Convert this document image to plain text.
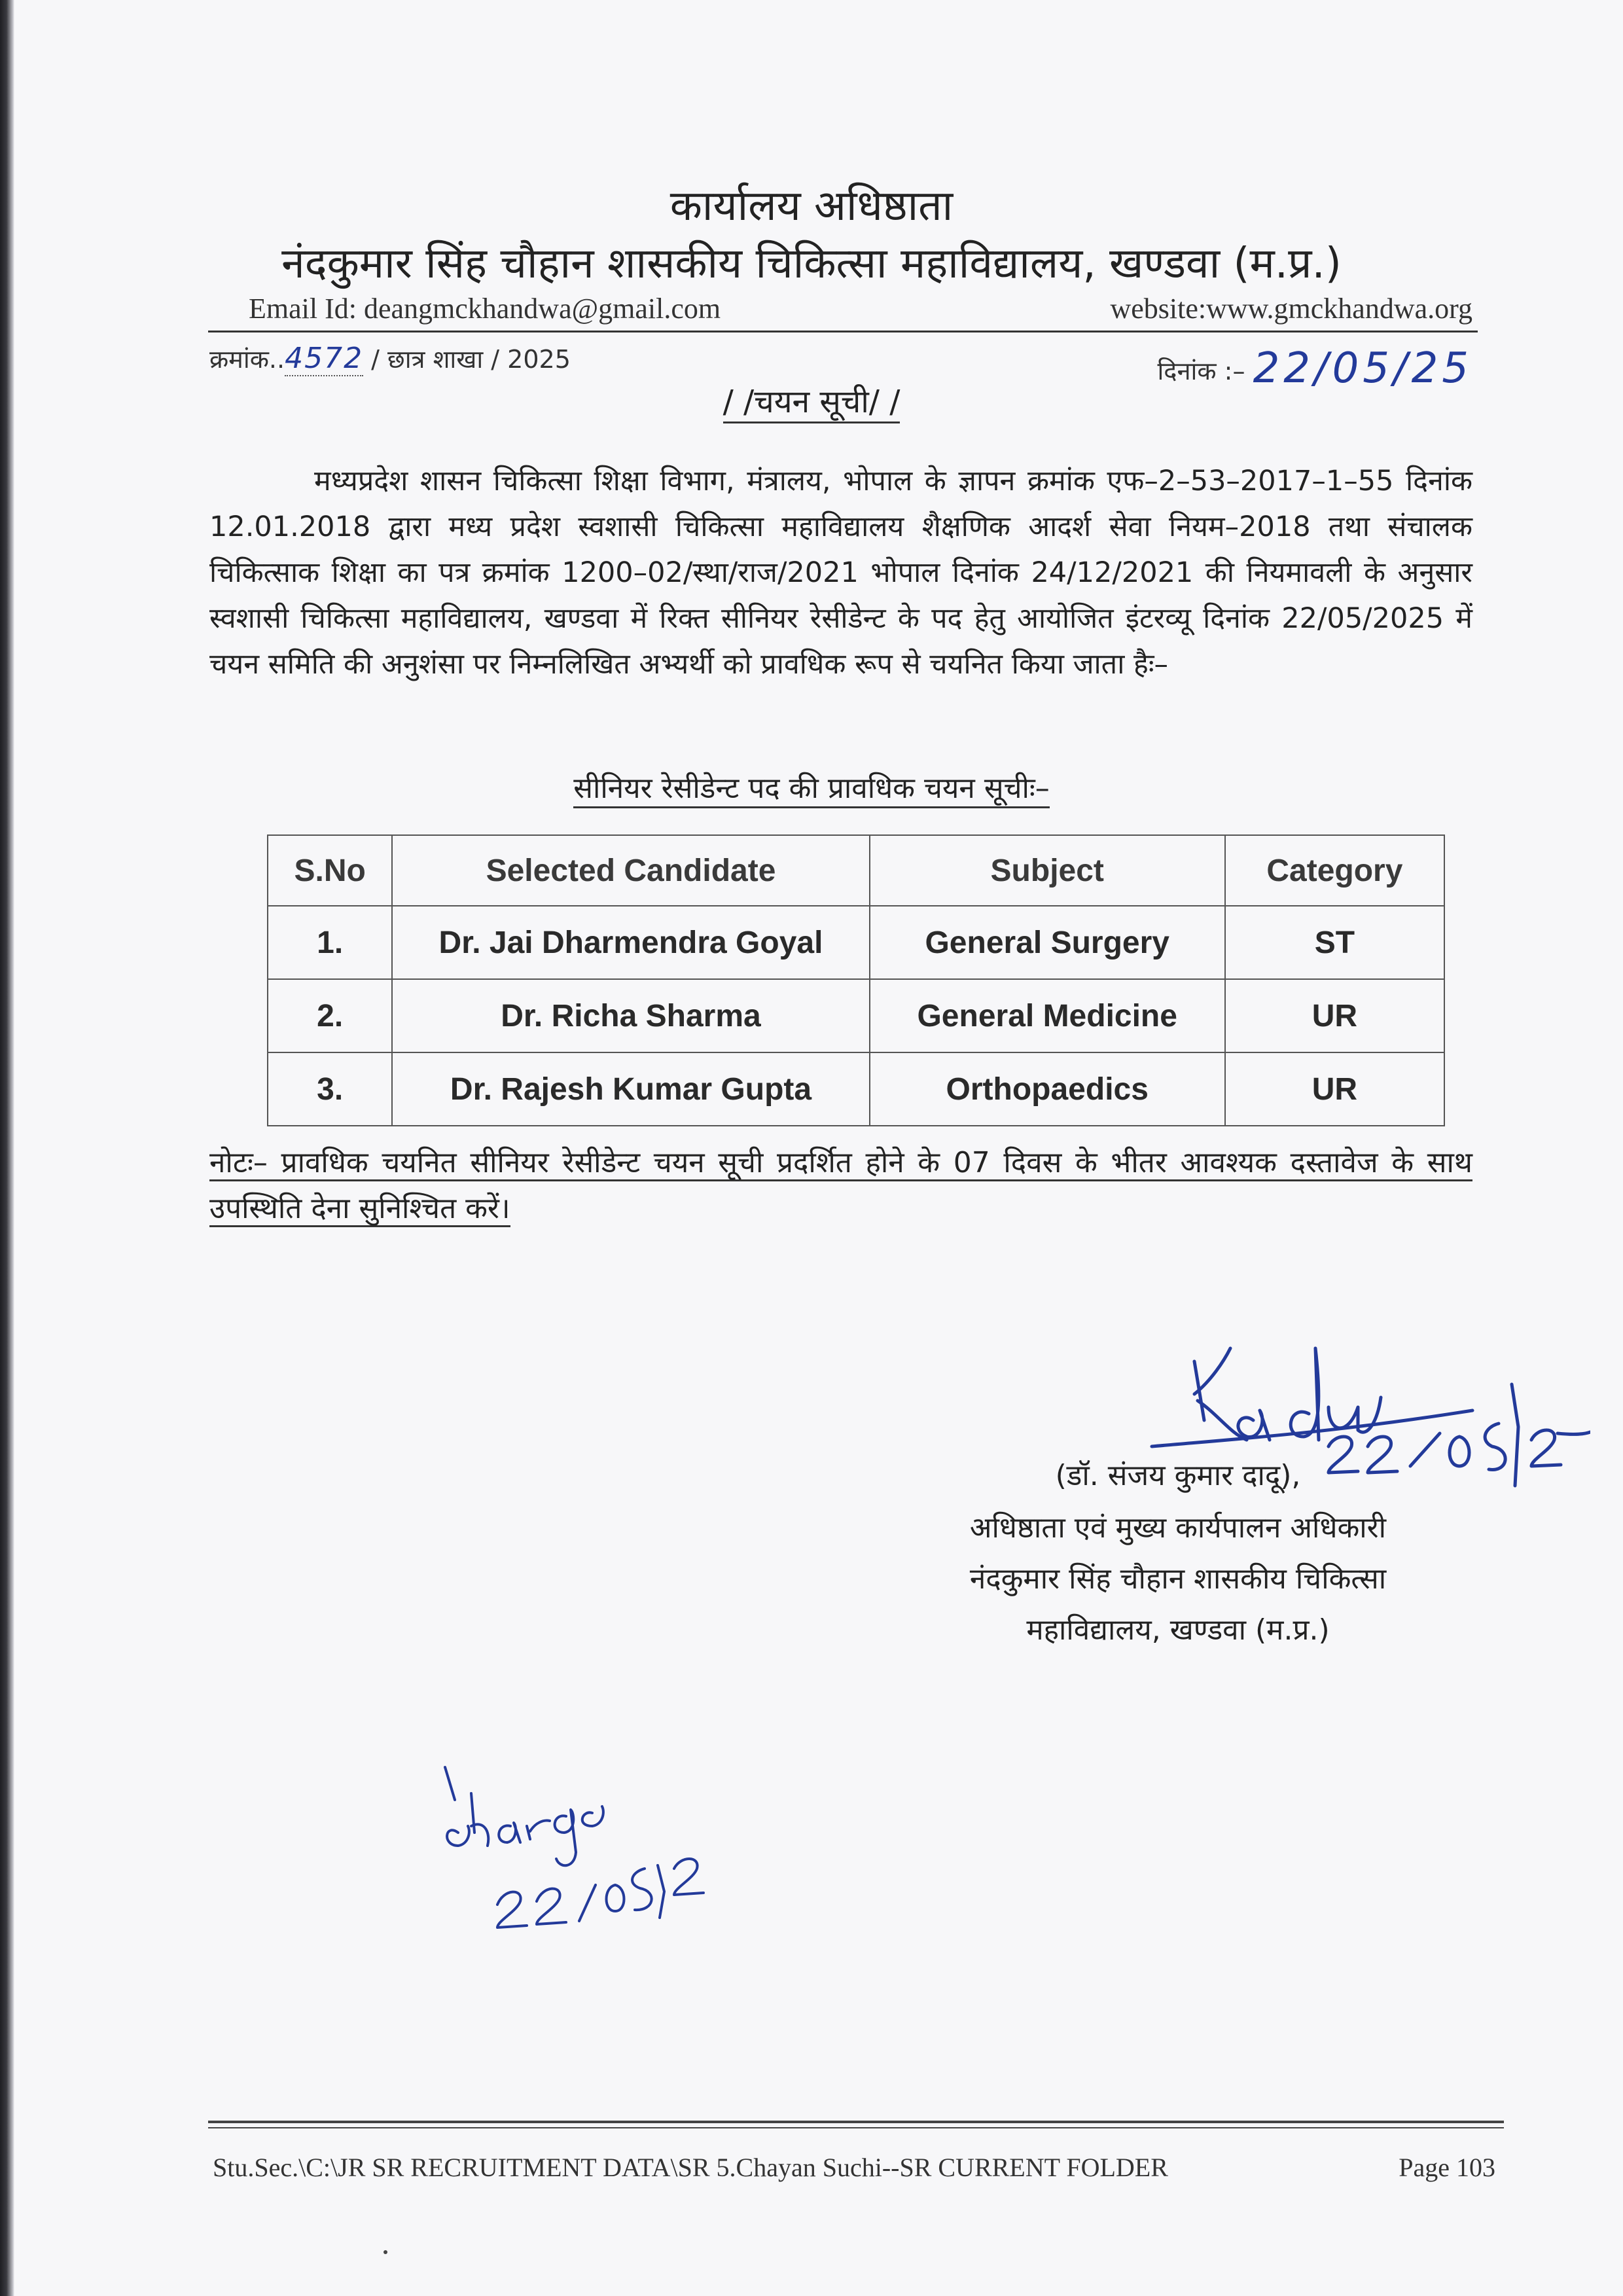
कार्यालय अधिष्ठाता
नंदकुमार सिंह चौहान शासकीय चिकित्सा महाविद्यालय, खण्डवा (म.प्र.)
Email Id: deangmckhandwa@gmail.com	website:www.gmckhandwa.org
क्रमांक..4572 / छात्र शाखा / 2025	दिनांक :– 22/05/25
/ /चयन सूची/ /

मध्यप्रदेश शासन चिकित्सा शिक्षा विभाग, मंत्रालय, भोपाल के ज्ञापन क्रमांक एफ–2–53–2017–1–55 दिनांक 12.01.2018 द्वारा मध्य प्रदेश स्वशासी चिकित्सा महाविद्यालय शैक्षणिक आदर्श सेवा नियम–2018 तथा संचालक चिकित्साक शिक्षा का पत्र क्रमांक 1200–02/स्था/राज/2021 भोपाल दिनांक 24/12/2021 की नियमावली के अनुसार स्वशासी चिकित्सा महाविद्यालय, खण्डवा में रिक्त सीनियर रेसीडेन्ट के पद हेतु आयोजित इंटरव्यू दिनांक 22/05/2025 में चयन समिति की अनुशंसा पर निम्नलिखित अभ्यर्थी को प्रावधिक रूप से चयनित किया जाता हैः–

सीनियर रेसीडेन्ट पद की प्रावधिक चयन सूचीः–
S.No	Selected Candidate	Subject	Category
1.	Dr. Jai Dharmendra Goyal	General Surgery	ST
2.	Dr. Richa Sharma	General Medicine	UR
3.	Dr. Rajesh Kumar Gupta	Orthopaedics	UR

नोटः– प्रावधिक चयनित सीनियर रेसीडेन्ट चयन सूची प्रदर्शित होने के 07 दिवस के भीतर आवश्यक दस्तावेज के साथ उपस्थिति देना सुनिश्चित करें।

(डॉ. संजय कुमार दादू),
अधिष्ठाता एवं मुख्य कार्यपालन अधिकारी
नंदकुमार सिंह चौहान शासकीय चिकित्सा
महाविद्यालय, खण्डवा (म.प्र.)
Stu.Sec.\C:\JR SR RECRUITMENT DATA\SR 5.Chayan Suchi--SR CURRENT FOLDER	Page 103
